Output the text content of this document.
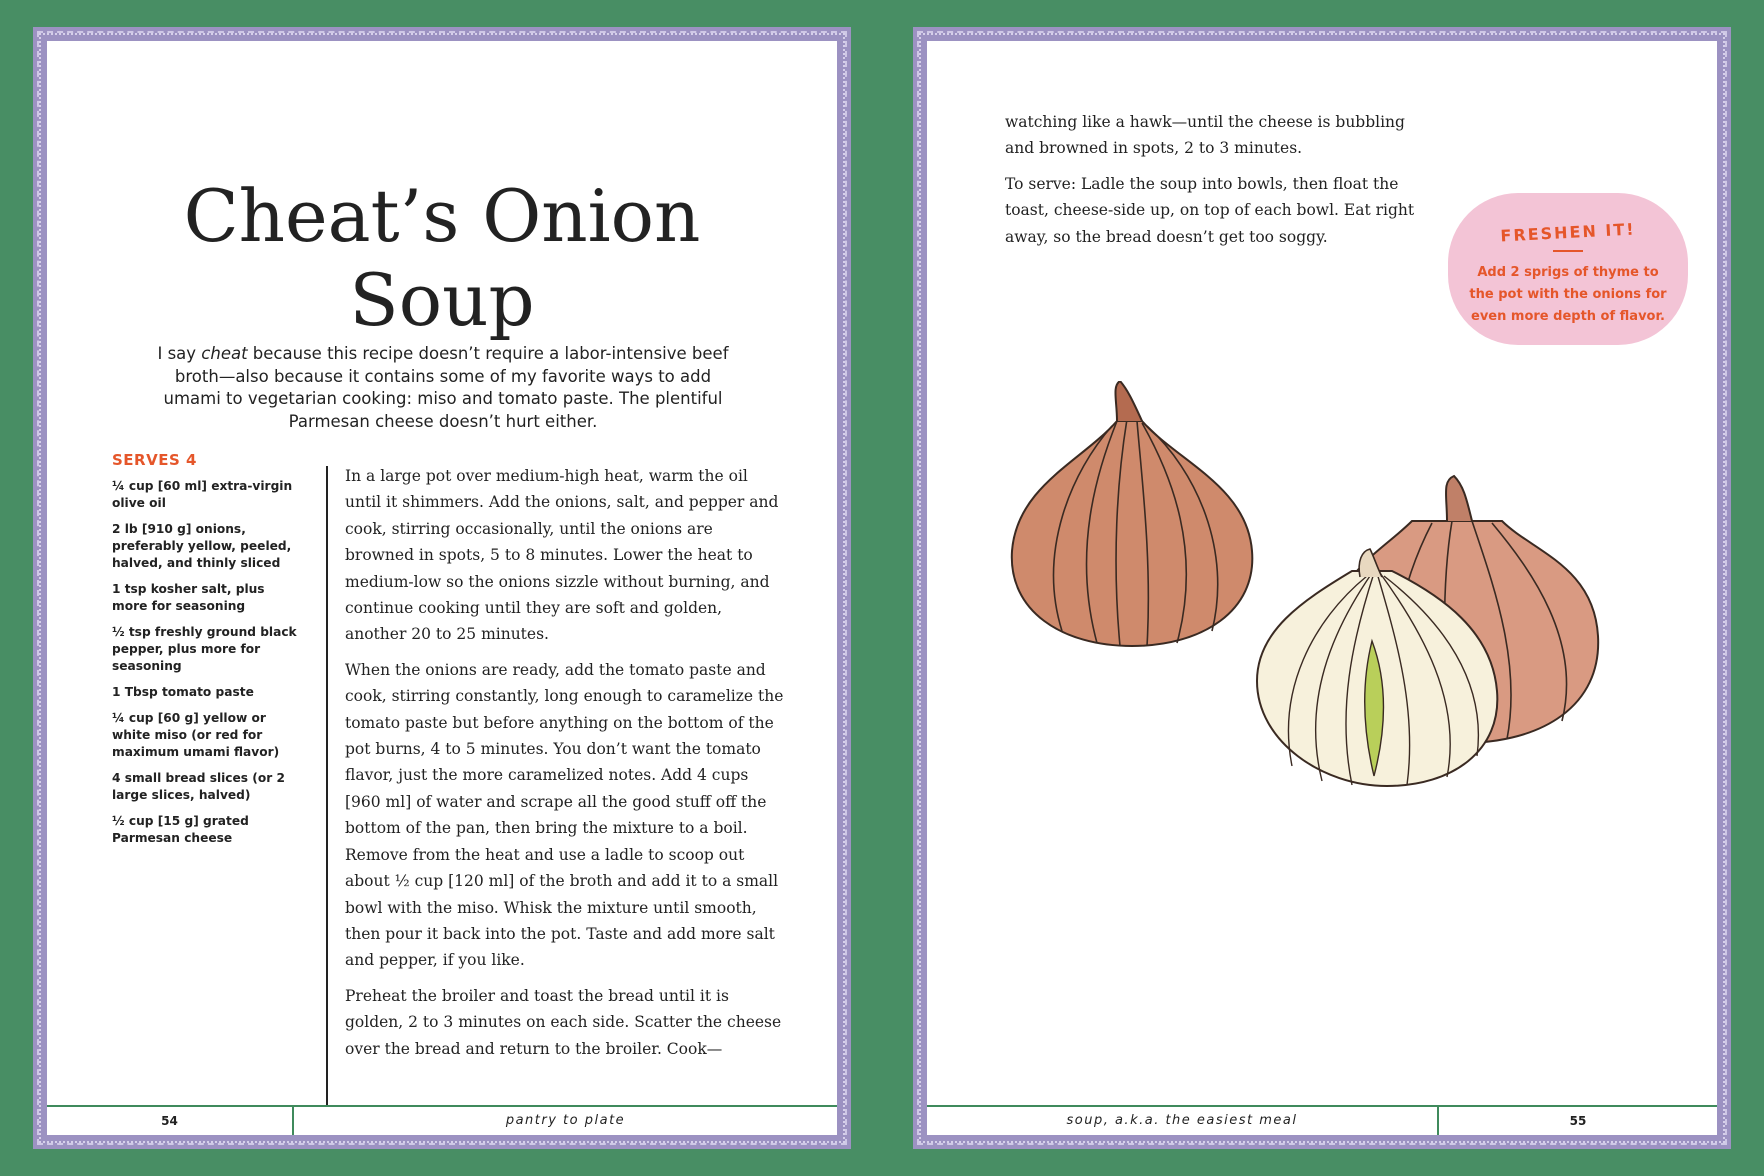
Cheat’s Onion
Soup

I say cheat because this recipe doesn’t require a labor-intensive beef broth—also because it contains some of my favorite ways to add umami to vegetarian cooking: miso and tomato paste. The plentiful Parmesan cheese doesn’t hurt either.

SERVES 4

¼ cup [60 ml] extra-virgin olive oil
2 lb [910 g] onions, preferably yellow, peeled, halved, and thinly sliced
1 tsp kosher salt, plus more for seasoning
½ tsp freshly ground black pepper, plus more for seasoning
1 Tbsp tomato paste
¼ cup [60 g] yellow or white miso (or red for maximum umami flavor)
4 small bread slices (or 2 large slices, halved)
½ cup [15 g] grated Parmesan cheese

In a large pot over medium-high heat, warm the oil until it shimmers. Add the onions, salt, and pepper and cook, stirring occasionally, until the onions are browned in spots, 5 to 8 minutes. Lower the heat to medium-low so the onions sizzle without burning, and continue cooking until they are soft and golden, another 20 to 25 minutes.

When the onions are ready, add the tomato paste and cook, stirring constantly, long enough to caramelize the tomato paste but before anything on the bottom of the pot burns, 4 to 5 minutes. You don’t want the tomato flavor, just the more caramelized notes. Add 4 cups [960 ml] of water and scrape all the good stuff off the bottom of the pan, then bring the mixture to a boil. Remove from the heat and use a ladle to scoop out about ½ cup [120 ml] of the broth and add it to a small bowl with the miso. Whisk the mixture until smooth, then pour it back into the pot. Taste and add more salt and pepper, if you like.

Preheat the broiler and toast the bread until it is golden, 2 to 3 minutes on each side. Scatter the cheese over the bread and return to the broiler. Cook—

54	pantry to plate

watching like a hawk—until the cheese is bubbling and browned in spots, 2 to 3 minutes.

To serve: Ladle the soup into bowls, then float the toast, cheese-side up, on top of each bowl. Eat right away, so the bread doesn’t get too soggy.	FRESHEN IT!

Add 2 sprigs of thyme to the pot with the onions for even more depth of flavor.

soup, a.k.a. the easiest meal	55
